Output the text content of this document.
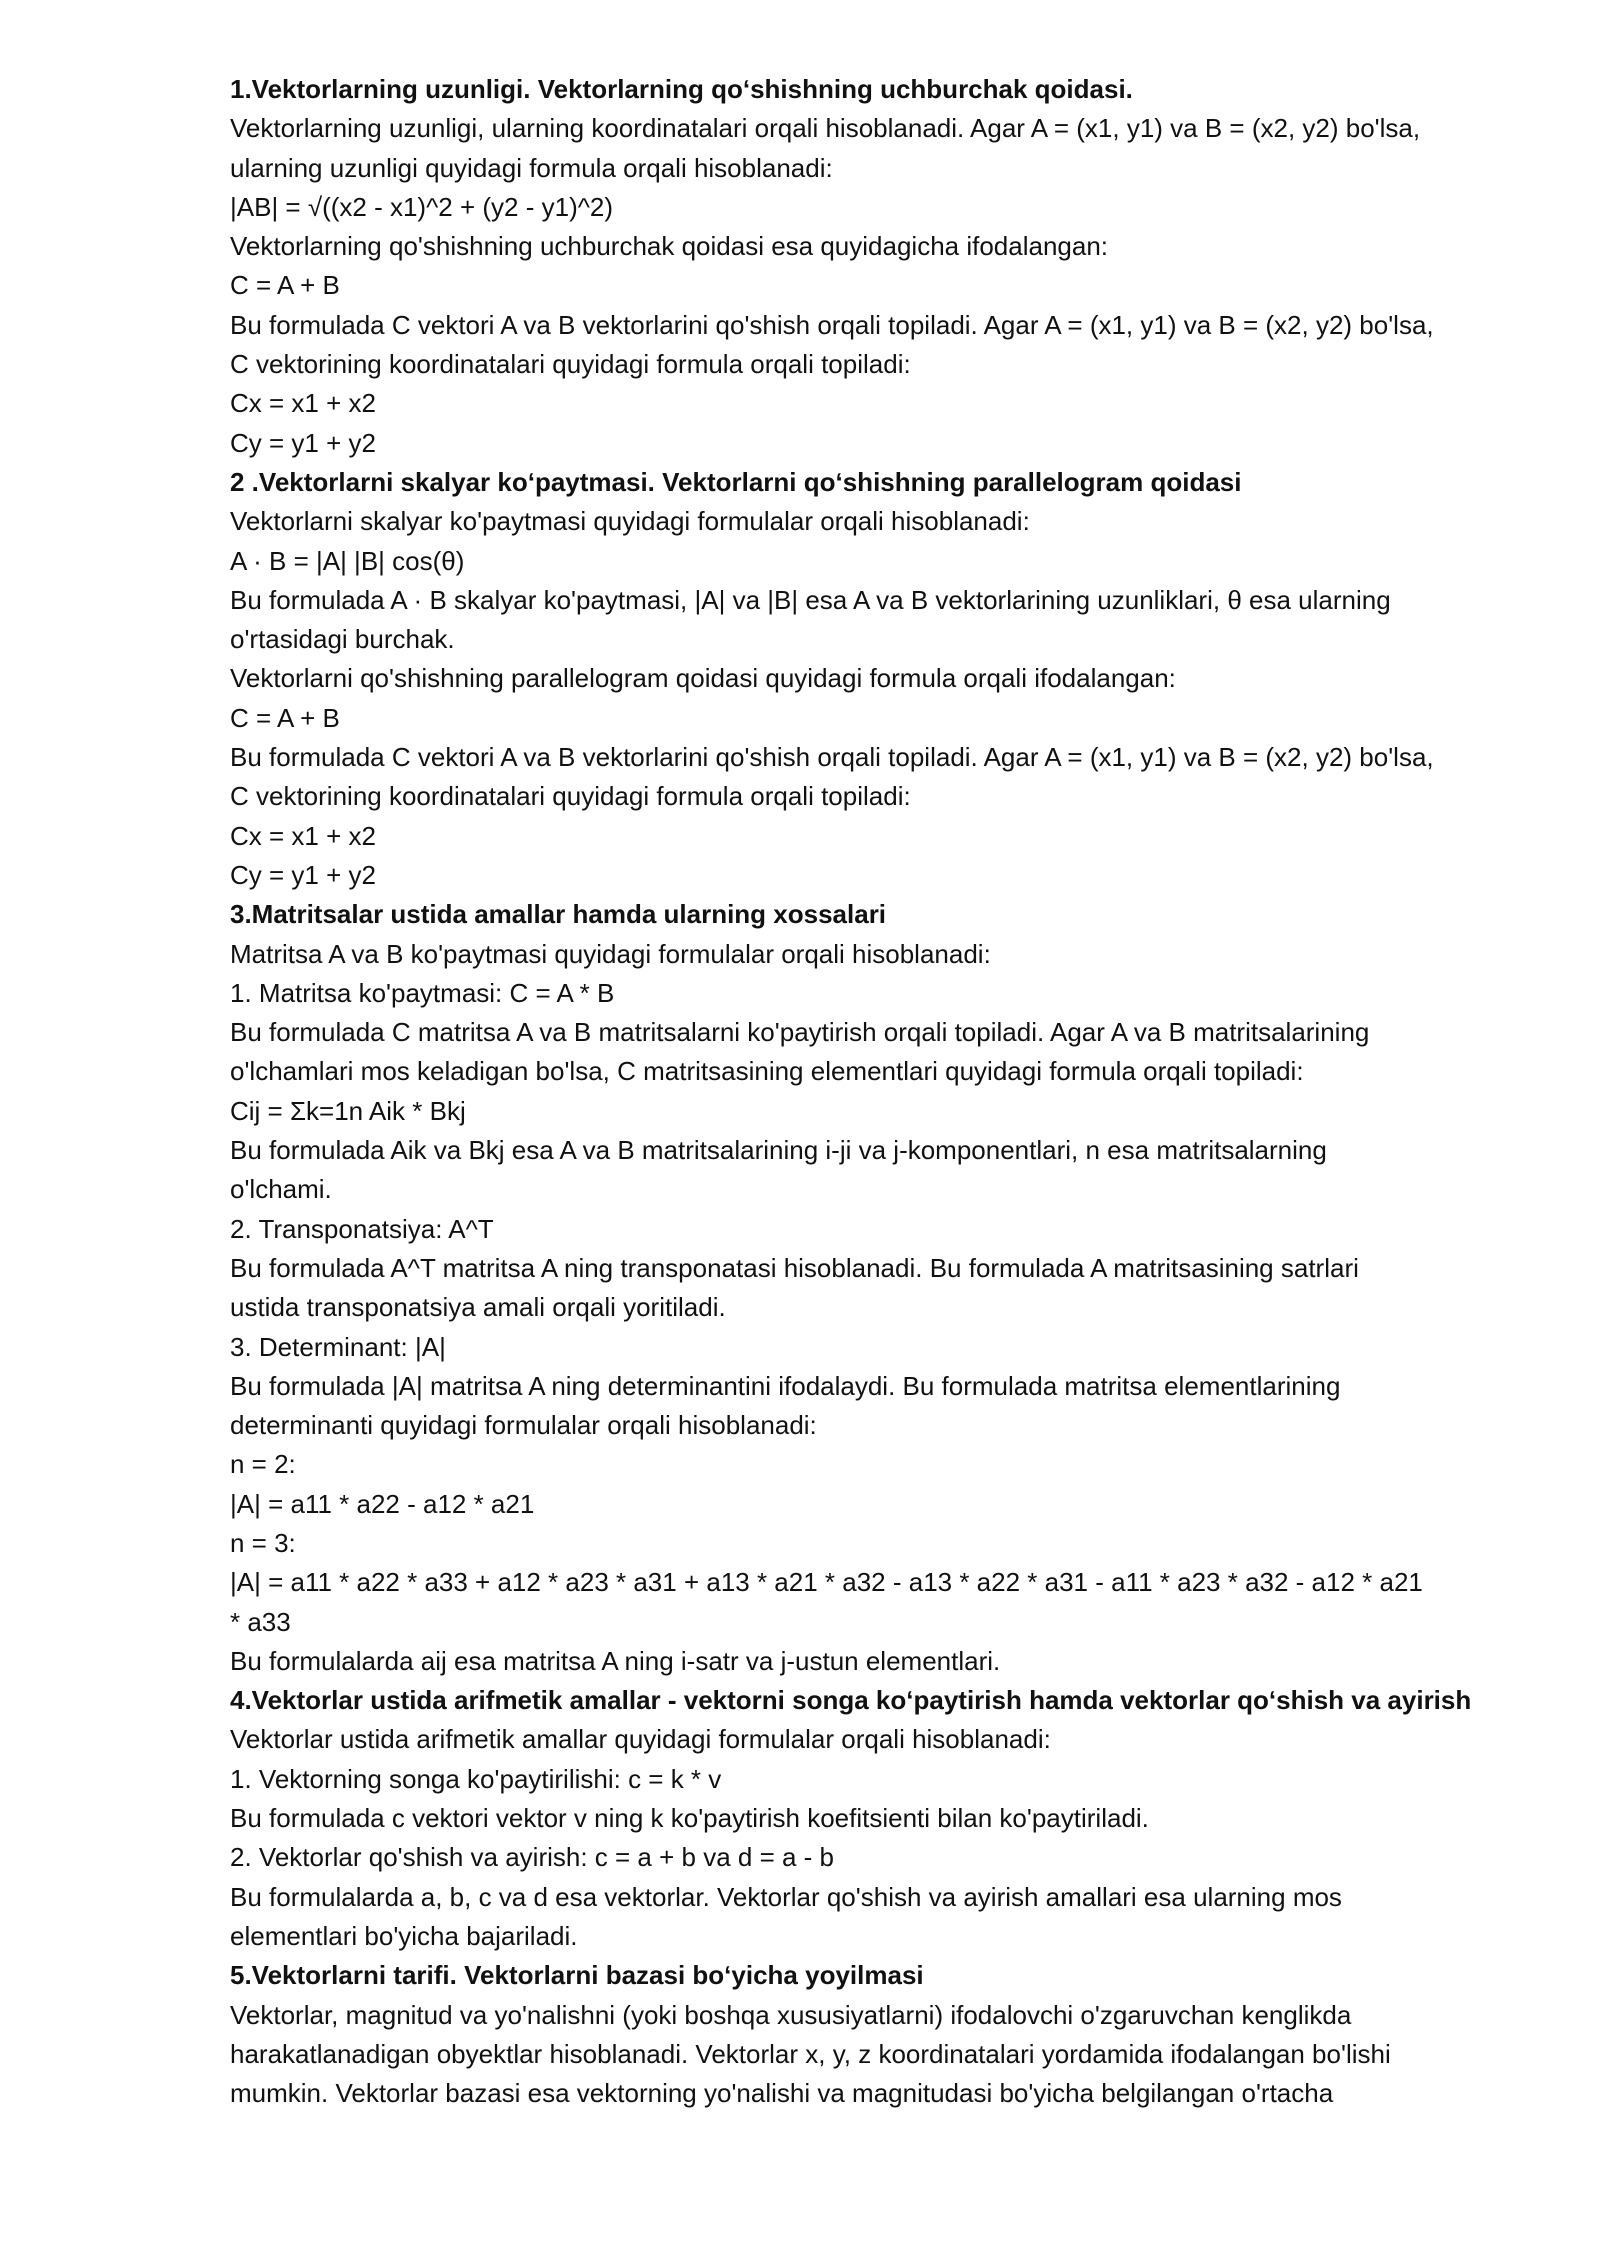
1.Vektorlarning uzunligi. Vektorlarning qoʻshishning uchburchak qoidasi.
Vektorlarning uzunligi, ularning koordinatalari orqali hisoblanadi. Agar A = (x1, y1) va B = (x2, y2) bo'lsa,
ularning uzunligi quyidagi formula orqali hisoblanadi:
|AB| = √((x2 - x1)^2 + (y2 - y1)^2)
Vektorlarning qo'shishning uchburchak qoidasi esa quyidagicha ifodalangan:
C = A + B
Bu formulada C vektori A va B vektorlarini qo'shish orqali topiladi. Agar A = (x1, y1) va B = (x2, y2) bo'lsa,
C vektorining koordinatalari quyidagi formula orqali topiladi:
Cx = x1 + x2
Cy = y1 + y2
2 .Vektorlarni skalyar koʻpaytmasi. Vektorlarni qoʻshishning parallelogram qoidasi
Vektorlarni skalyar ko'paytmasi quyidagi formulalar orqali hisoblanadi:
A · B = |A| |B| cos(θ)
Bu formulada A · B skalyar ko'paytmasi, |A| va |B| esa A va B vektorlarining uzunliklari, θ esa ularning
o'rtasidagi burchak.
Vektorlarni qo'shishning parallelogram qoidasi quyidagi formula orqali ifodalangan:
C = A + B
Bu formulada C vektori A va B vektorlarini qo'shish orqali topiladi. Agar A = (x1, y1) va B = (x2, y2) bo'lsa,
C vektorining koordinatalari quyidagi formula orqali topiladi:
Cx = x1 + x2
Cy = y1 + y2
3.Matritsalar ustida amallar hamda ularning xossalari
Matritsa A va B ko'paytmasi quyidagi formulalar orqali hisoblanadi:
1. Matritsa ko'paytmasi: C = A * B
Bu formulada C matritsa A va B matritsalarni ko'paytirish orqali topiladi. Agar A va B matritsalarining
o'lchamlari mos keladigan bo'lsa, C matritsasining elementlari quyidagi formula orqali topiladi:
Cij = Σk=1n Aik * Bkj
Bu formulada Aik va Bkj esa A va B matritsalarining i-ji va j-komponentlari, n esa matritsalarning
o'lchami.
2. Transponatsiya: A^T
Bu formulada A^T matritsa A ning transponatasi hisoblanadi. Bu formulada A matritsasining satrlari
ustida transponatsiya amali orqali yoritiladi.
3. Determinant: |A|
Bu formulada |A| matritsa A ning determinantini ifodalaydi. Bu formulada matritsa elementlarining
determinanti quyidagi formulalar orqali hisoblanadi:
n = 2:
|A| = a11 * a22 - a12 * a21
n = 3:
|A| = a11 * a22 * a33 + a12 * a23 * a31 + a13 * a21 * a32 - a13 * a22 * a31 - a11 * a23 * a32 - a12 * a21
* a33
Bu formulalarda aij esa matritsa A ning i-satr va j-ustun elementlari.
4.Vektorlar ustida arifmetik amallar - vektorni songa koʻpaytirish hamda vektorlar qoʻshish va ayirish
Vektorlar ustida arifmetik amallar quyidagi formulalar orqali hisoblanadi:
1. Vektorning songa ko'paytirilishi: c = k * v
Bu formulada c vektori vektor v ning k ko'paytirish koefitsienti bilan ko'paytiriladi.
2. Vektorlar qo'shish va ayirish: c = a + b va d = a - b
Bu formulalarda a, b, c va d esa vektorlar. Vektorlar qo'shish va ayirish amallari esa ularning mos
elementlari bo'yicha bajariladi.
5.Vektorlarni tarifi. Vektorlarni bazasi boʻyicha yoyilmasi
Vektorlar, magnitud va yo'nalishni (yoki boshqa xususiyatlarni) ifodalovchi o'zgaruvchan kenglikda
harakatlanadigan obyektlar hisoblanadi. Vektorlar x, y, z koordinatalari yordamida ifodalangan bo'lishi
mumkin. Vektorlar bazasi esa vektorning yo'nalishi va magnitudasi bo'yicha belgilangan o'rtacha
